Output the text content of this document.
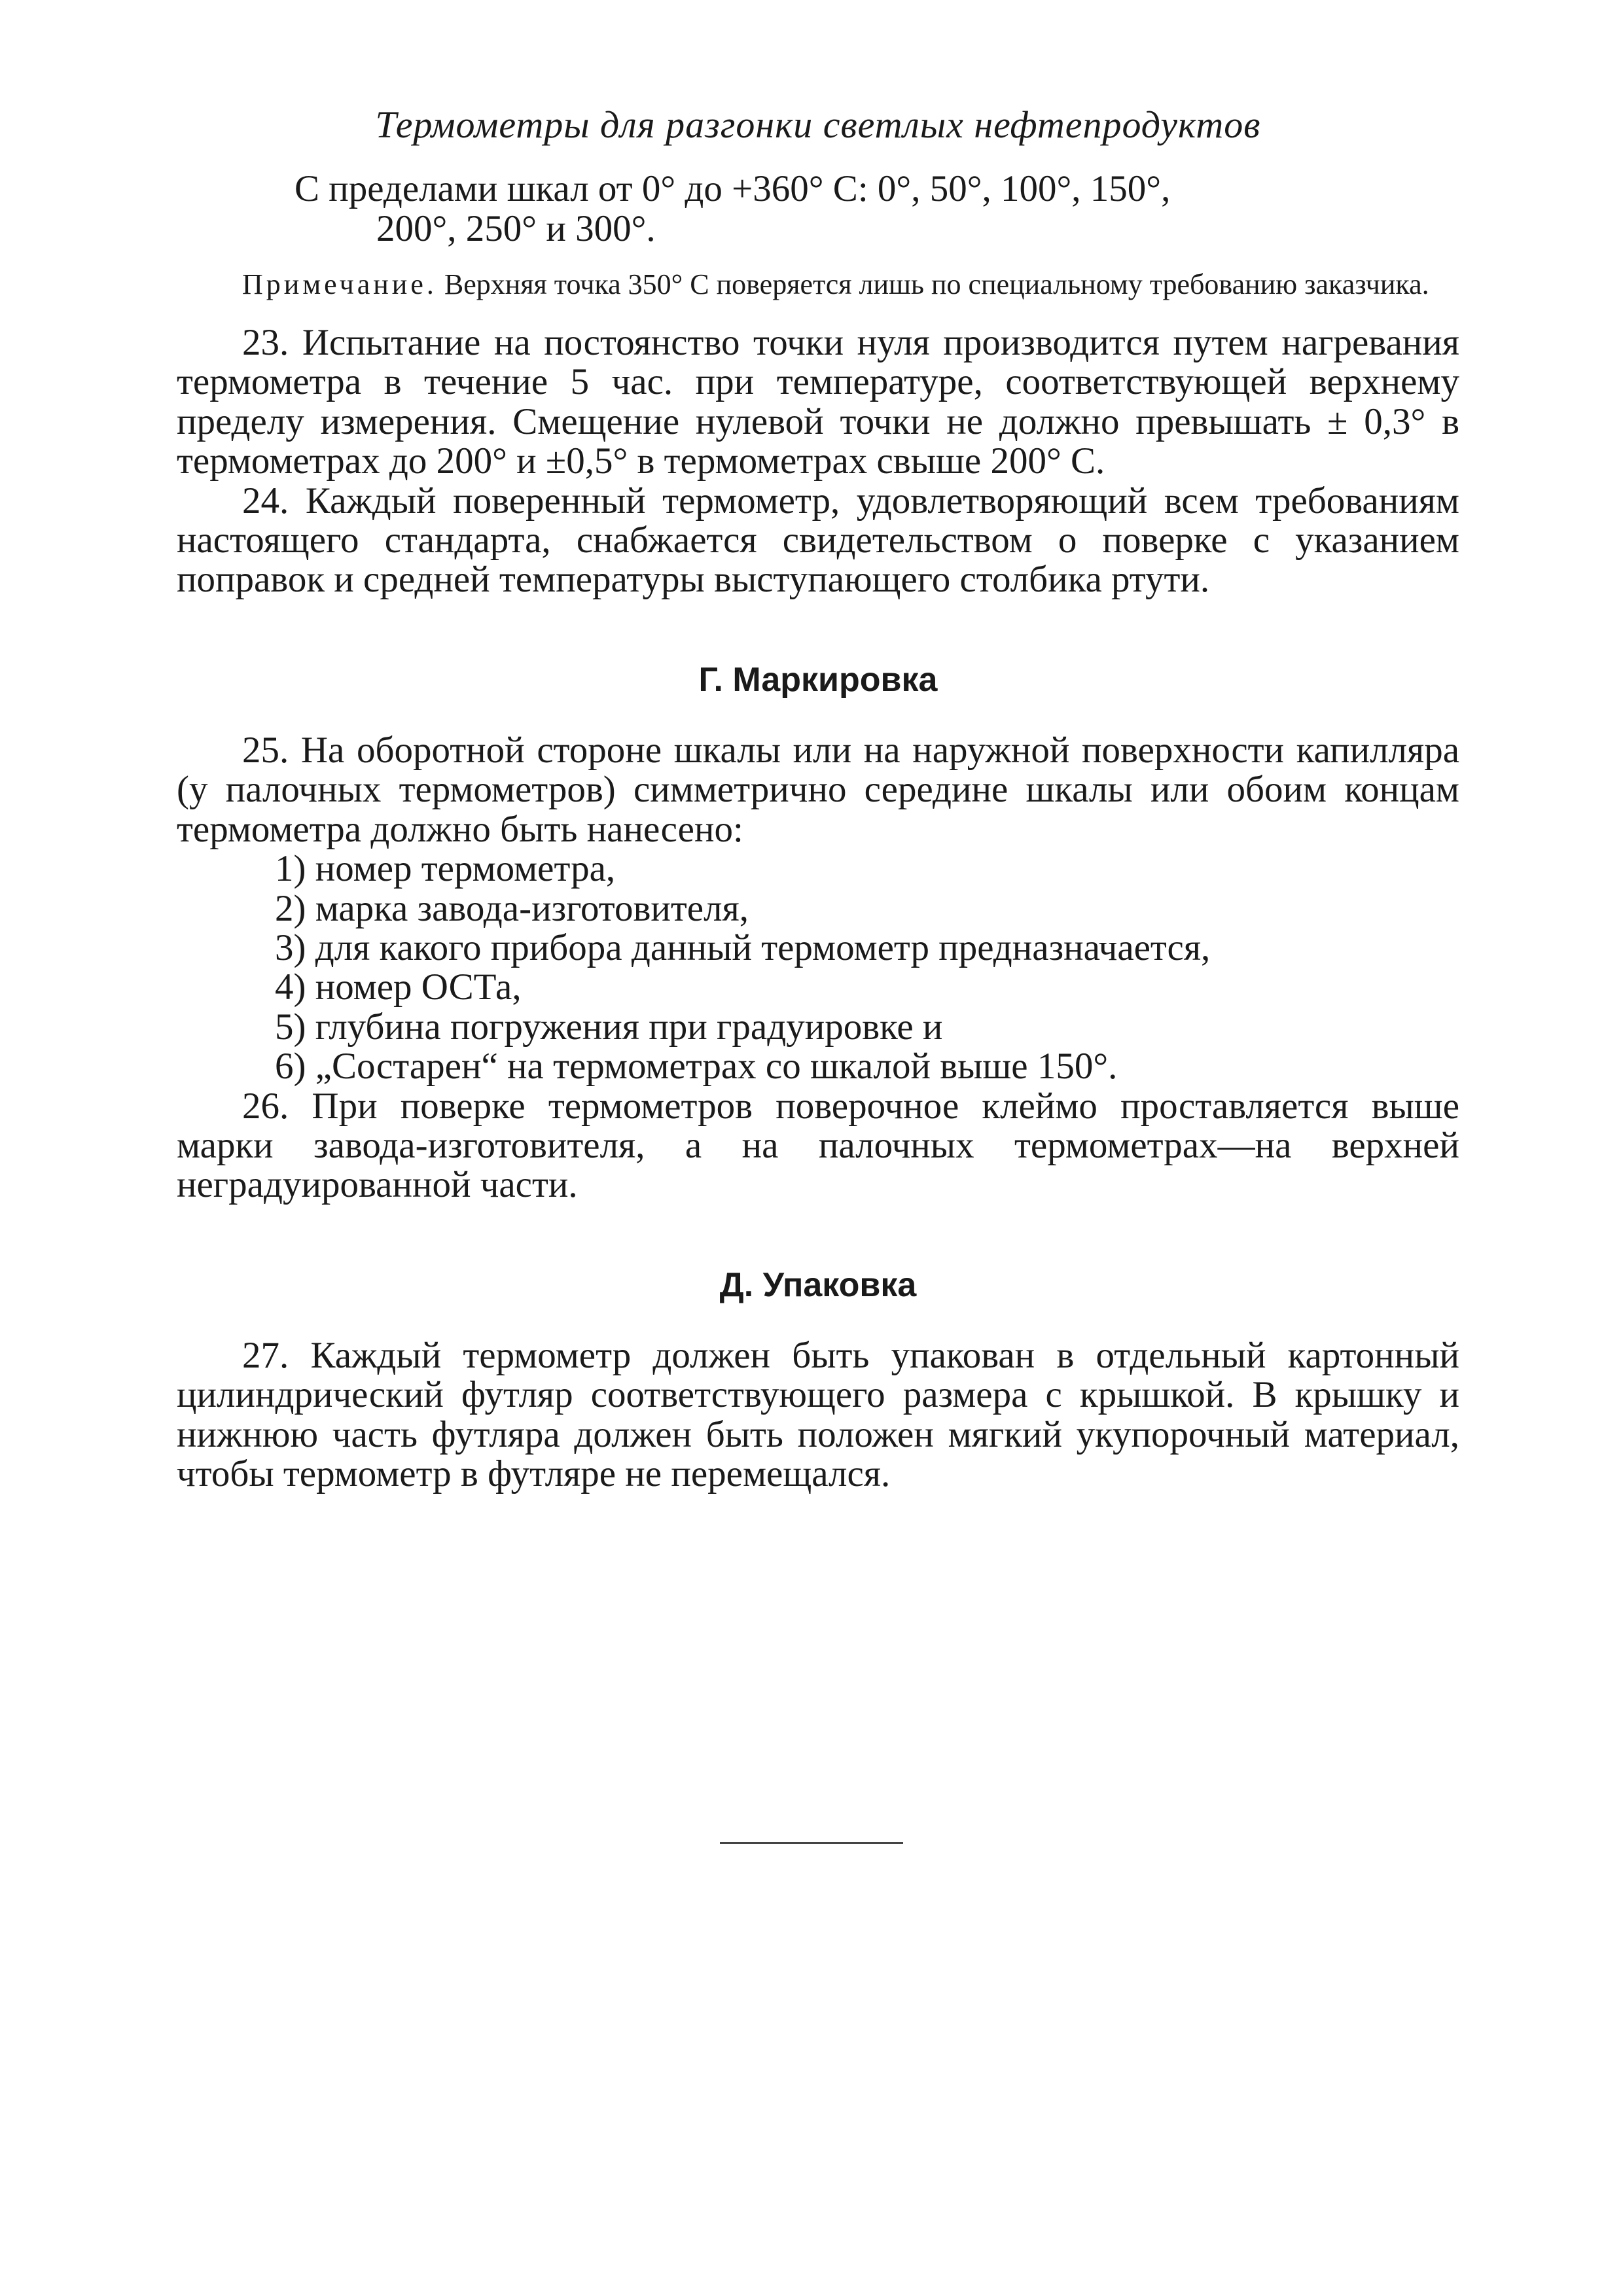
Термометры для разгонки светлых нефтепродуктов

С пределами шкал от 0° до +360° С: 0°, 50°, 100°, 150°,
200°, 250° и 300°.

Примечание. Верхняя точка 350° С поверяется лишь по специальному требованию заказчика.

23. Испытание на постоянство точки нуля производится путем нагревания термометра в течение 5 час. при температуре, соответствующей верхнему пределу измерения. Смещение нулевой точки не должно превышать ± 0,3° в термометрах до 200° и ±0,5° в термометрах свыше 200° С.

24. Каждый поверенный термометр, удовлетворяющий всем требованиям настоящего стандарта, снабжается свидетельством о поверке с указанием поправок и средней температуры выступающего столбика ртути.

Г. Маркировка

25. На оборотной стороне шкалы или на наружной поверхности капилляра (у палочных термометров) симметрично середине шкалы или обоим концам термометра должно быть нанесено:

1) номер термометра,
2) марка завода-изготовителя,
3) для какого прибора данный термометр предназначается,
4) номер ОСТа,
5) глубина погружения при градуировке и
6) „Состарен“ на термометрах со шкалой выше 150°.

26. При поверке термометров поверочное клеймо проставляется выше марки завода-изготовителя, а на палочных термометрах—на верхней неградуированной части.

Д. Упаковка

27. Каждый термометр должен быть упакован в отдельный картонный цилиндрический футляр соответствующего размера с крышкой. В крышку и нижнюю часть футляра должен быть положен мягкий укупорочный материал, чтобы термометр в футляре не перемещался.
